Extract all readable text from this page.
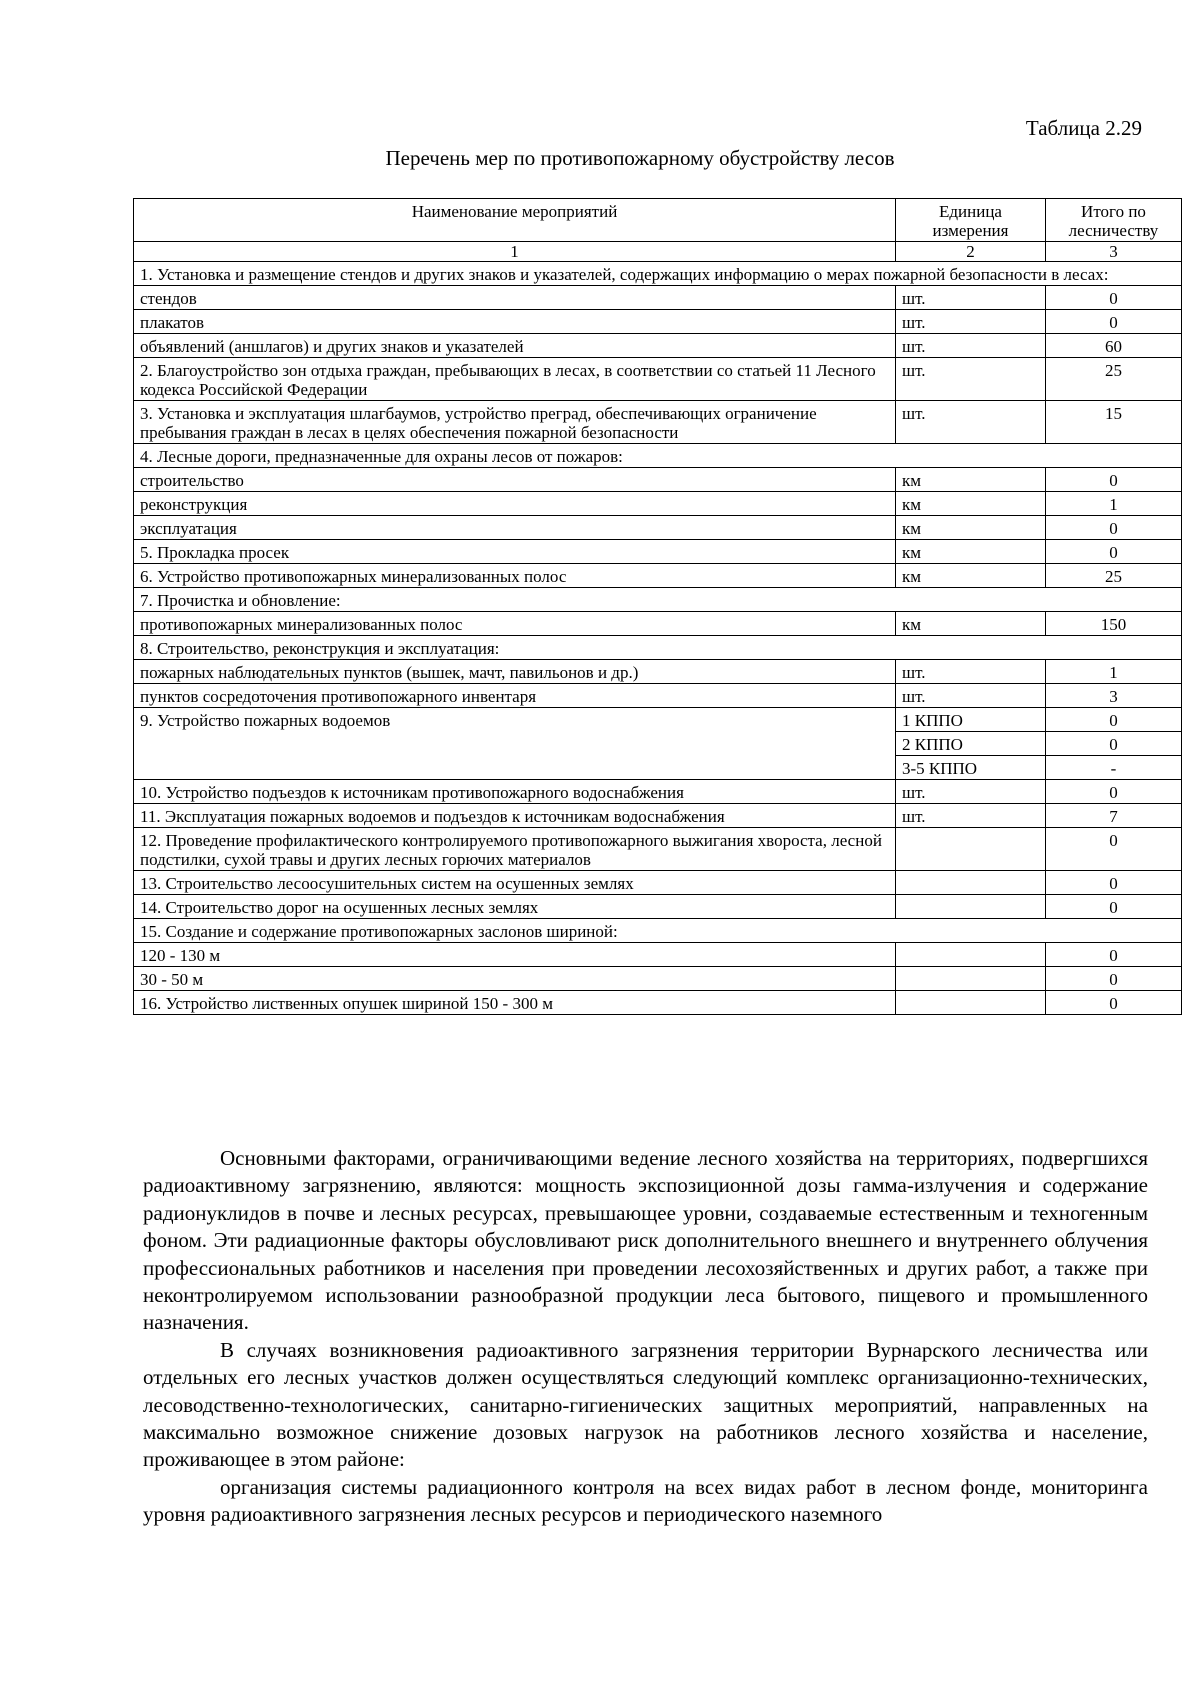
Таблица 2.29
Перечень мер по противопожарному обустройству лесов
Наименование мероприятий	Единица измерения	Итого по лесничеству
1	2	3
1. Установка и размещение стендов и других знаков и указателей, содержащих информацию о мерах пожарной безопасности в лесах:		
стендов	шт.	0
плакатов	шт.	0
объявлений (аншлагов) и других знаков и указателей	шт.	60
2. Благоустройство зон отдыха граждан, пребывающих в лесах, в соответствии со статьей 11 Лесного кодекса Российской Федерации	шт.	25
3. Установка и эксплуатация шлагбаумов, устройство преград, обеспечивающих ограничение пребывания граждан в лесах в целях обеспечения пожарной безопасности	шт.	15
4. Лесные дороги, предназначенные для охраны лесов от пожаров:		
строительство	км	0
реконструкция	км	1
эксплуатация	км	0
5. Прокладка просек	км	0
6. Устройство противопожарных минерализованных полос	км	25
7. Прочистка и обновление:		
противопожарных минерализованных полос	км	150
8. Строительство, реконструкция и эксплуатация:		
пожарных наблюдательных пунктов (вышек, мачт, павильонов и др.)	шт.	1
пунктов сосредоточения противопожарного инвентаря	шт.	3
9. Устройство пожарных водоемов	1 КППО	0
	2 КППО	0
	3-5 КППО	-
10. Устройство подъездов к источникам противопожарного водоснабжения	шт.	0
11. Эксплуатация пожарных водоемов и подъездов к источникам водоснабжения	шт.	7
12. Проведение профилактического контролируемого противопожарного выжигания хвороста, лесной подстилки, сухой травы и других лесных горючих материалов		0
13. Строительство лесоосушительных систем на осушенных землях		0
14. Строительство дорог на осушенных лесных землях		0
15. Создание и содержание противопожарных заслонов шириной:		
120 - 130 м		0
30 - 50 м		0
16. Устройство лиственных опушек шириной 150 - 300 м		0

Основными факторами, ограничивающими ведение лесного хозяйства на территориях, подвергшихся радиоактивному загрязнению, являются: мощность экспозиционной дозы гамма-излучения и содержание радионуклидов в почве и лесных ресурсах, превышающее уровни, создаваемые естественным и техногенным фоном. Эти радиационные факторы обусловливают риск дополнительного внешнего и внутреннего облучения профессиональных работников и населения при проведении лесохозяйственных и других работ, а также при неконтролируемом использовании разнообразной продукции леса бытового, пищевого и промышленного назначения.

В случаях возникновения радиоактивного загрязнения территории Вурнарского лесничества или отдельных его лесных участков должен осуществляться следующий комплекс организационно-технических, лесоводственно-технологических, санитарно-гигиенических защитных мероприятий, направленных на максимально возможное снижение дозовых нагрузок на работников лесного хозяйства и население, проживающее в этом районе:

организация системы радиационного контроля на всех видах работ в лесном фонде, мониторинга уровня радиоактивного загрязнения лесных ресурсов и периодического наземного
